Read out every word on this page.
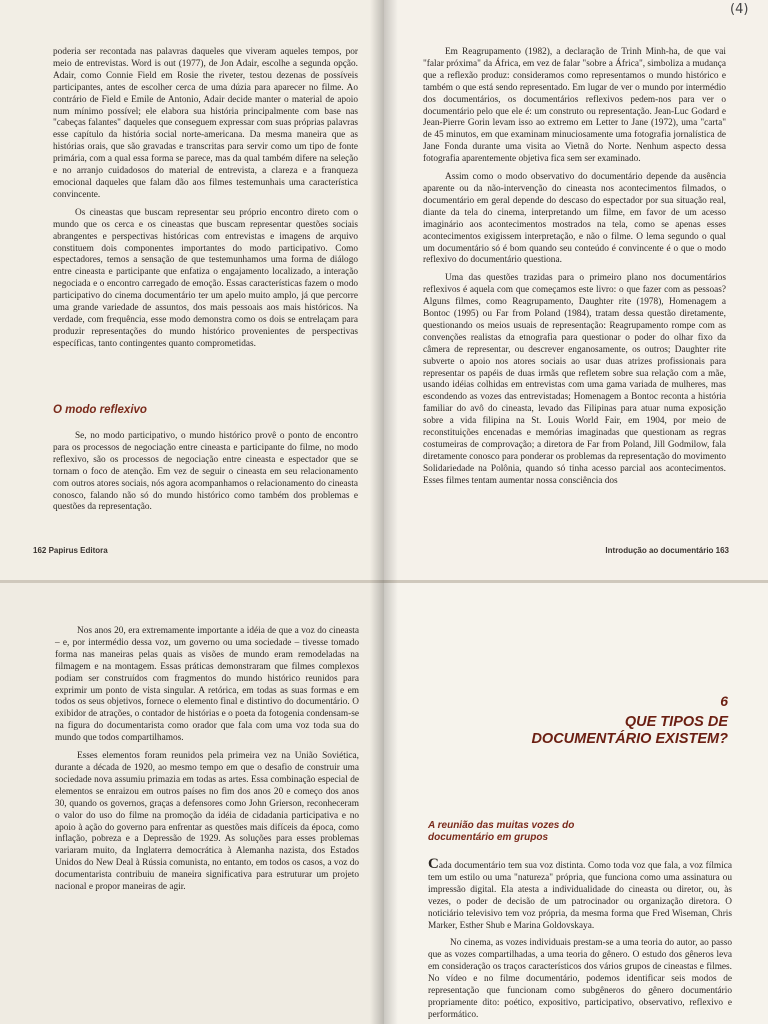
poderia ser recontada nas palavras daqueles que viveram aqueles tempos, por meio de entrevistas. Word is out (1977), de Jon Adair, escolhe a segunda opção. Adair, como Connie Field em Rosie the riveter, testou dezenas de possíveis participantes, antes de escolher cerca de uma dúzia para aparecer no filme. Ao contrário de Field e Emile de Antonio, Adair decide manter o material de apoio num mínimo possível; ele elabora sua história principalmente com base nas "cabeças falantes" daqueles que conseguem expressar com suas próprias palavras esse capítulo da história social norte-americana. Da mesma maneira que as histórias orais, que são gravadas e transcritas para servir como um tipo de fonte primária, com a qual essa forma se parece, mas da qual também difere na seleção e no arranjo cuidadosos do material de entrevista, a clareza e a franqueza emocional daqueles que falam dão aos filmes testemunhais uma característica convincente.

Os cineastas que buscam representar seu próprio encontro direto com o mundo que os cerca e os cineastas que buscam representar questões sociais abrangentes e perspectivas históricas com entrevistas e imagens de arquivo constituem dois componentes importantes do modo participativo. Como espectadores, temos a sensação de que testemunhamos uma forma de diálogo entre cineasta e participante que enfatiza o engajamento localizado, a interação negociada e o encontro carregado de emoção. Essas características fazem o modo participativo do cinema documentário ter um apelo muito amplo, já que percorre uma grande variedade de assuntos, dos mais pessoais aos mais históricos. Na verdade, com frequência, esse modo demonstra como os dois se entrelaçam para produzir representações do mundo histórico provenientes de perspectivas específicas, tanto contingentes quanto comprometidas.

O modo reflexivo

Se, no modo participativo, o mundo histórico provê o ponto de encontro para os processos de negociação entre cineasta e participante do filme, no modo reflexivo, são os processos de negociação entre cineasta e espectador que se tornam o foco de atenção. Em vez de seguir o cineasta em seu relacionamento com outros atores sociais, nós agora acompanhamos o relacionamento do cineasta conosco, falando não só do mundo histórico como também dos problemas e questões da representação.

162 Papirus Editora
(4)

Em Reagrupamento (1982), a declaração de Trinh Minh-ha, de que vai "falar próxima" da África, em vez de falar "sobre a África", simboliza a mudança que a reflexão produz: consideramos como representamos o mundo histórico e também o que está sendo representado. Em lugar de ver o mundo por intermédio dos documentários, os documentários reflexivos pedem-nos para ver o documentário pelo que ele é: um construto ou representação. Jean-Luc Godard e Jean-Pierre Gorin levam isso ao extremo em Letter to Jane (1972), uma "carta" de 45 minutos, em que examinam minuciosamente uma fotografia jornalística de Jane Fonda durante uma visita ao Vietnã do Norte. Nenhum aspecto dessa fotografia aparentemente objetiva fica sem ser examinado.

Assim como o modo observativo do documentário depende da ausência aparente ou da não-intervenção do cineasta nos acontecimentos filmados, o documentário em geral depende do descaso do espectador por sua situação real, diante da tela do cinema, interpretando um filme, em favor de um acesso imaginário aos acontecimentos mostrados na tela, como se apenas esses acontecimentos exigissem interpretação, e não o filme. O lema segundo o qual um documentário só é bom quando seu conteúdo é convincente é o que o modo reflexivo do documentário questiona.

Uma das questões trazidas para o primeiro plano nos documentários reflexivos é aquela com que começamos este livro: o que fazer com as pessoas? Alguns filmes, como Reagrupamento, Daughter rite (1978), Homenagem a Bontoc (1995) ou Far from Poland (1984), tratam dessa questão diretamente, questionando os meios usuais de representação: Reagrupamento rompe com as convenções realistas da etnografia para questionar o poder do olhar fixo da câmera de representar, ou descrever enganosamente, os outros; Daughter rite subverte o apoio nos atores sociais ao usar duas atrizes profissionais para representar os papéis de duas irmãs que refletem sobre sua relação com a mãe, usando idéias colhidas em entrevistas com uma gama variada de mulheres, mas escondendo as vozes das entrevistadas; Homenagem a Bontoc reconta a história familiar do avô do cineasta, levado das Filipinas para atuar numa exposição sobre a vida filipina na St. Louis World Fair, em 1904, por meio de reconstituições encenadas e memórias imaginadas que questionam as regras costumeiras de comprovação; a diretora de Far from Poland, Jill Godmilow, fala diretamente conosco para ponderar os problemas da representação do movimento Solidariedade na Polônia, quando só tinha acesso parcial aos acontecimentos. Esses filmes tentam aumentar nossa consciência dos

Introdução ao documentário 163

Nos anos 20, era extremamente importante a idéia de que a voz do cineasta – e, por intermédio dessa voz, um governo ou uma sociedade – tivesse tomado forma nas maneiras pelas quais as visões de mundo eram remodeladas na filmagem e na montagem. Essas práticas demonstraram que filmes complexos podiam ser construídos com fragmentos do mundo histórico reunidos para exprimir um ponto de vista singular. A retórica, em todas as suas formas e em todos os seus objetivos, fornece o elemento final e distintivo do documentário. O exibidor de atrações, o contador de histórias e o poeta da fotogenia condensam-se na figura do documentarista como orador que fala com uma voz toda sua do mundo que todos compartilhamos.

Esses elementos foram reunidos pela primeira vez na União Soviética, durante a década de 1920, ao mesmo tempo em que o desafio de construir uma sociedade nova assumiu primazia em todas as artes. Essa combinação especial de elementos se enraizou em outros países no fim dos anos 20 e começo dos anos 30, quando os governos, graças a defensores como John Grierson, reconheceram o valor do uso do filme na promoção da idéia de cidadania participativa e no apoio à ação do governo para enfrentar as questões mais difíceis da época, como inflação, pobreza e a Depressão de 1929. As soluções para esses problemas variaram muito, da Inglaterra democrática à Alemanha nazista, dos Estados Unidos do New Deal à Rússia comunista, no entanto, em todos os casos, a voz do documentarista contribuiu de maneira significativa para estruturar um projeto nacional e propor maneiras de agir.

6
QUE TIPOS DE
DOCUMENTÁRIO EXISTEM?
A reunião das muitas vozes do
documentário em grupos

Cada documentário tem sua voz distinta. Como toda voz que fala, a voz fílmica tem um estilo ou uma "natureza" própria, que funciona como uma assinatura ou impressão digital. Ela atesta a individualidade do cineasta ou diretor, ou, às vezes, o poder de decisão de um patrocinador ou organização diretora. O noticiário televisivo tem voz própria, da mesma forma que Fred Wiseman, Chris Marker, Esther Shub e Marina Goldovskaya.

No cinema, as vozes individuais prestam-se a uma teoria do autor, ao passo que as vozes compartilhadas, a uma teoria do gênero. O estudo dos gêneros leva em consideração os traços característicos dos vários grupos de cineastas e filmes. No vídeo e no filme documentário, podemos identificar seis modos de representação que funcionam como subgêneros do gênero documentário propriamente dito: poético, expositivo, participativo, observativo, reflexivo e performático.
